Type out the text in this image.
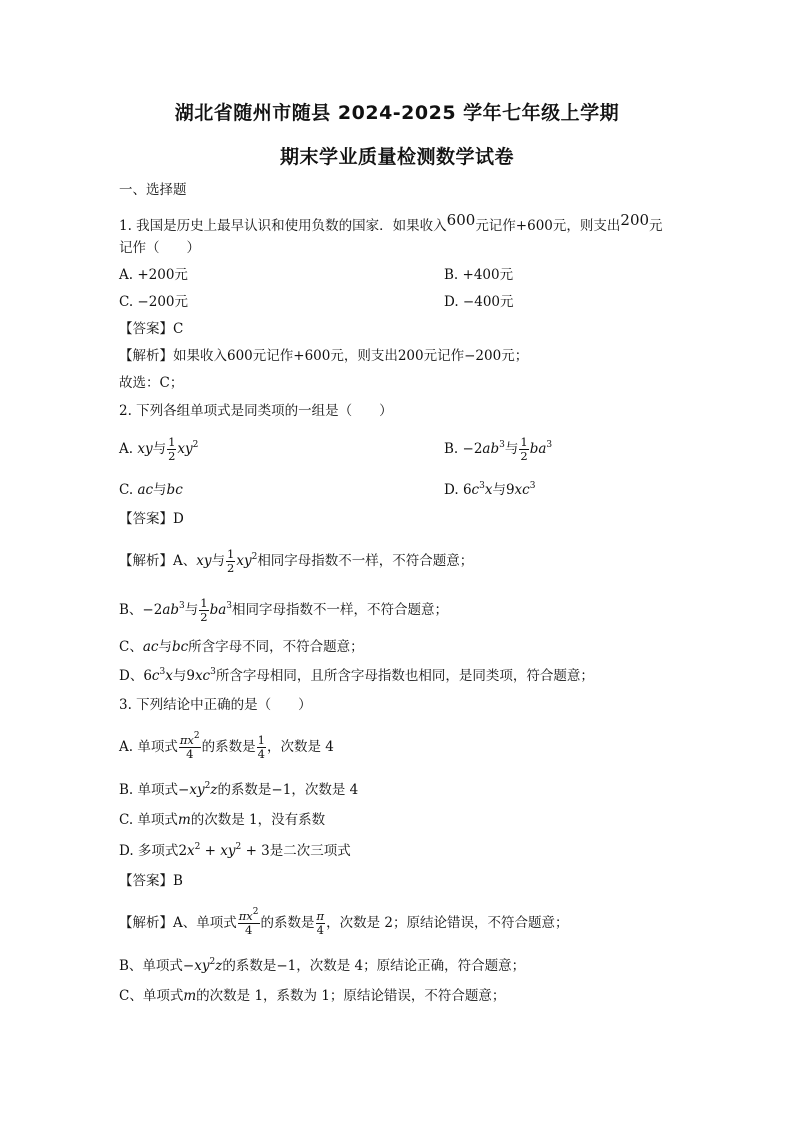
湖北省随州市随县 2024-2025 学年七年级上学期
期末学业质量检测数学试卷
一、选择题
1. 我国是历史上最早认识和使用负数的国家．如果收入600元记作+600元，则支出200元
记作（　　）
A. +200元	B. +400元
C. −200元	D. −400元
【答案】C
【解析】如果收入600元记作+600元，则支出200元记作−200元；
故选：C；
2. 下列各组单项式是同类项的一组是（　　）
A. xy与 $\frac{1}{2} xy^2$	B. $-2ab^3$与 $\frac{1}{2} ba^3$
C. ac与bc	D. $6c^3x$与$9xc^3$
【答案】D
【解析】A、xy与 $\frac{1}{2} xy^2$相同字母指数不一样，不符合题意；
B、$-2ab^3$与 $\frac{1}{2} ba^3$相同字母指数不一样，不符合题意；
C、ac与bc所含字母不同，不符合题意；
D、$6c^3x$与$9xc^3$所含字母相同，且所含字母指数也相同，是同类项，符合题意；
3. 下列结论中正确的是（　　）
A. 单项式 $\frac{\pi x^2}{4}$ 的系数是 $\frac{1}{4}$ ，次数是 4
B. 单项式$-xy^2z$的系数是−1，次数是 4
C. 单项式m的次数是 1，没有系数
D. 多项式$2x^2 + xy^2 + 3$是二次三项式
【答案】B
【解析】A、单项式 $\frac{\pi x^2}{4}$ 的系数是 $\frac{\pi}{4}$ ，次数是 2；原结论错误，不符合题意；
B、单项式$-xy^2z$的系数是−1，次数是 4；原结论正确，符合题意；
C、单项式m的次数是 1，系数为 1；原结论错误，不符合题意；
